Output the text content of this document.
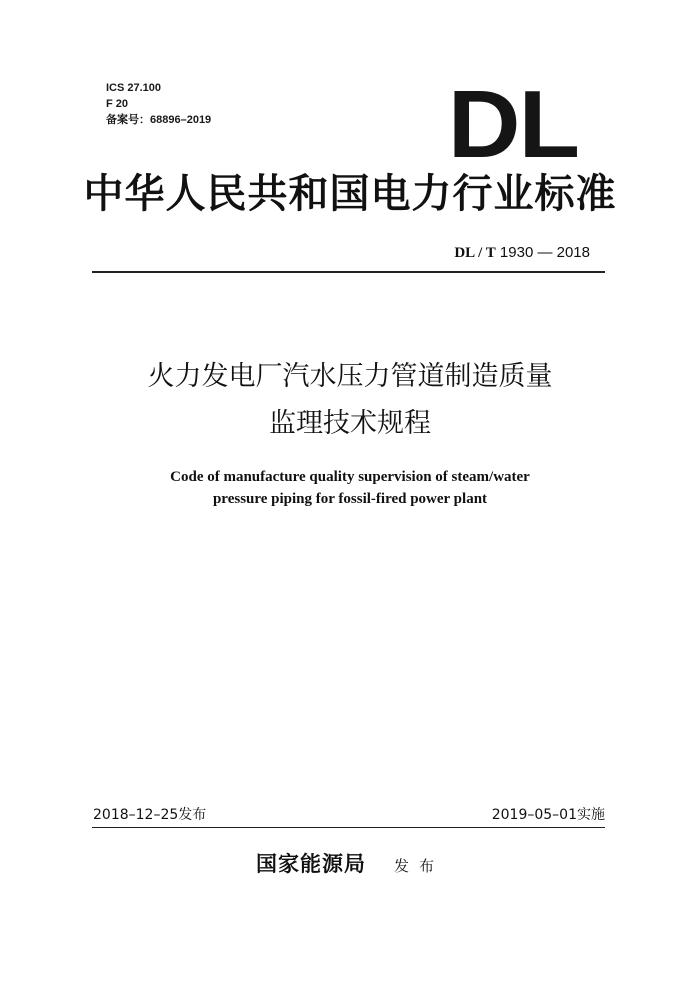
ICS 27.100
F 20
备案号：68896–2019 DL
中华人民共和国电力行业标准
DL / T 1930 — 2018
火力发电厂汽水压力管道制造质量
监理技术规程
Code of manufacture quality supervision of steam/water
pressure piping for fossil-fired power plant
2018–12–25发布	2019–05–01实施
国家能源局 发布
